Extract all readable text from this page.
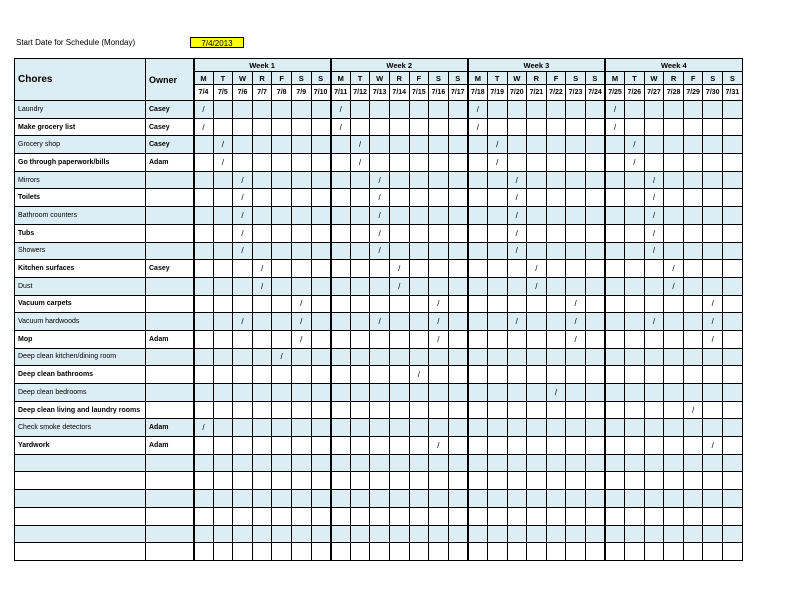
Start Date for Schedule (Monday)	7/4/2013
Chores	Owner	Week 1							Week 2							Week 3							Week 4						
		M	T	W	R	F	S	S	M	T	W	R	F	S	S	M	T	W	R	F	S	S	M	T	W	R	F	S	S
		7/4	7/5	7/6	7/7	7/8	7/9	7/10	7/11	7/12	7/13	7/14	7/15	7/16	7/17	7/18	7/19	7/20	7/21	7/22	7/23	7/24	7/25	7/26	7/27	7/28	7/29	7/30	7/31
Laundry	Casey	/							/							/							/						
Make grocery list	Casey	/							/							/							/						
Grocery shop	Casey		/							/							/							/					
Go through paperwork/bills	Adam		/							/							/							/					
Mirrors				/							/							/							/				
Toilets				/							/							/							/				
Bathroom counters				/							/							/							/				
Tubs				/							/							/							/				
Showers				/							/							/							/				
Kitchen surfaces	Casey				/							/							/							/			
Dust					/							/							/							/			
Vacuum carpets							/							/							/							/	
Vacuum hardwoods				/			/				/			/				/			/				/			/	
Mop	Adam						/							/							/							/	
Deep clean kitchen/dining room						/																							
Deep clean bathrooms													/																
Deep clean bedrooms																				/									
Deep clean living and laundry rooms																											/		
Check smoke detectors	Adam	/																											
Yardwork	Adam													/														/	
